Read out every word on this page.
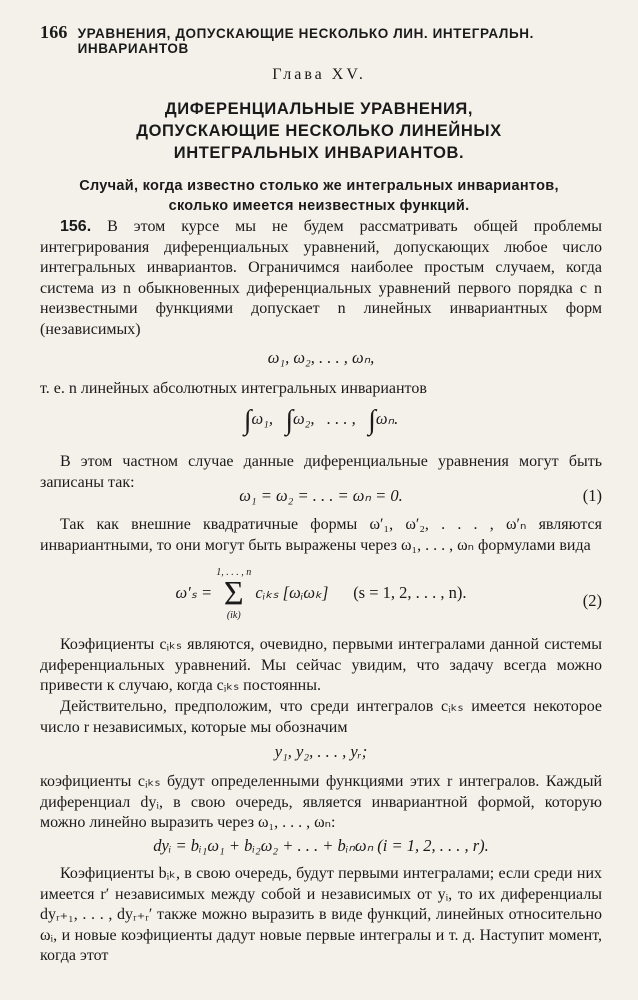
166 УРАВНЕНИЯ, ДОПУСКАЮЩИЕ НЕСКОЛЬКО ЛИН. ИНТЕГРАЛЬН. ИНВАРИАНТОВ
Глава XV.
ДИФЕРЕНЦИАЛЬНЫЕ УРАВНЕНИЯ,
ДОПУСКАЮЩИЕ НЕСКОЛЬКО ЛИНЕЙНЫХ
ИНТЕГРАЛЬНЫХ ИНВАРИАНТОВ.
Случай, когда известно столько же интегральных инвариантов,
сколько имеется неизвестных функций.
156. В этом курсе мы не будем рассматривать общей проблемы интегрирования диференциальных уравнений, допускающих любое число интегральных инвариантов. Ограничимся наиболее простым случаем, когда система из n обыкновенных диференциальных уравнений первого порядка с n неизвестными функциями допускает n линейных инвариантных форм (независимых)
ω₁, ω₂, . . . , ωₙ,
т. е. n линейных абсолютных интегральных инвариантов
∫ω₁, ∫ω₂, . . . , ∫ωₙ.
В этом частном случае данные диференциальные уравнения могут быть записаны так:
ω₁ = ω₂ = . . . = ωₙ = 0.	(1)
Так как внешние квадратичные формы ω′₁, ω′₂, . . . , ω′ₙ являются инвариантными, то они могут быть выражены через ω₁, . . . , ωₙ формулами вида
ω′ₛ =
1, . . . , n
Σ
(ik)
cᵢₖₛ [ωᵢωₖ] (s = 1, 2, . . . , n).	(2)
Коэфициенты cᵢₖₛ являются, очевидно, первыми интегралами данной системы диференциальных уравнений. Мы сейчас увидим, что задачу всегда можно привести к случаю, когда cᵢₖₛ постоянны.
Действительно, предположим, что среди интегралов cᵢₖₛ имеется некоторое число r независимых, которые мы обозначим
y₁, y₂, . . . , yᵣ;
коэфициенты cᵢₖₛ будут определенными функциями этих r интегралов. Каждый диференциал dyᵢ, в свою очередь, является инвариантной формой, которую можно линейно выразить через ω₁, . . . , ωₙ:
dyᵢ = bᵢ₁ω₁ + bᵢ₂ω₂ + . . . + bᵢₙωₙ (i = 1, 2, . . . , r).
Коэфициенты bᵢₖ, в свою очередь, будут первыми интегралами; если среди них имеется r′ независимых между собой и независимых от yᵢ, то их диференциалы dyᵣ₊₁, . . . , dyᵣ₊ᵣ′ также можно выразить в виде функций, линейных относительно ωᵢ, и новые коэфициенты дадут новые первые интегралы и т. д. Наступит момент, когда этот
